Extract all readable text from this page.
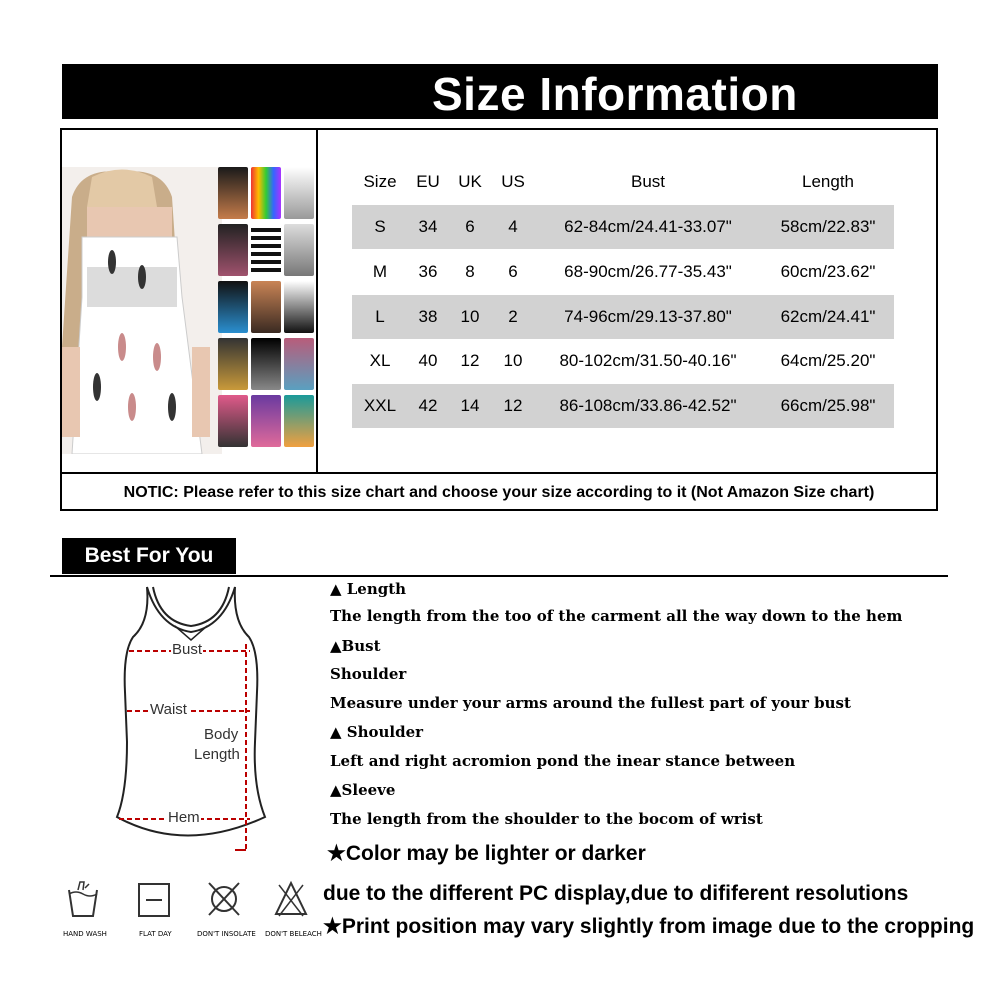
Size Information
Size EU UK US	Bust	Length
S 34 6 4	62-84cm/24.41-33.07"	58cm/22.83"
M 36 8 6	68-90cm/26.77-35.43"	60cm/23.62"
L 38 10 2	74-96cm/29.13-37.80"	62cm/24.41"
XL 40 12 10 80-102cm/31.50-40.16"	64cm/25.20"
XXL 42 14 12 86-108cm/33.86-42.52"	66cm/25.98"
NOTIC: Please refer to this size chart and choose your size according to it (Not Amazon Size chart)
Best For You
Bust
Waist
Body
Length
Hem
▲ Length
The length from the too of the carment all the way down to the hem
▲Bust
Shoulder
Measure under your arms around the fullest part of your bust
▲ Shoulder
Left and right acromion pond the inear stance between
▲Sleeve
The length from the shoulder to the bocom of wrist
★Color may be lighter or darker
due to the different PC display,due to dififerent resolutions
★Print position may vary slightly from image due to the cropping
HAND WASH	FLAT DAY	DON'T INSOLATE DON'T BELEACH
